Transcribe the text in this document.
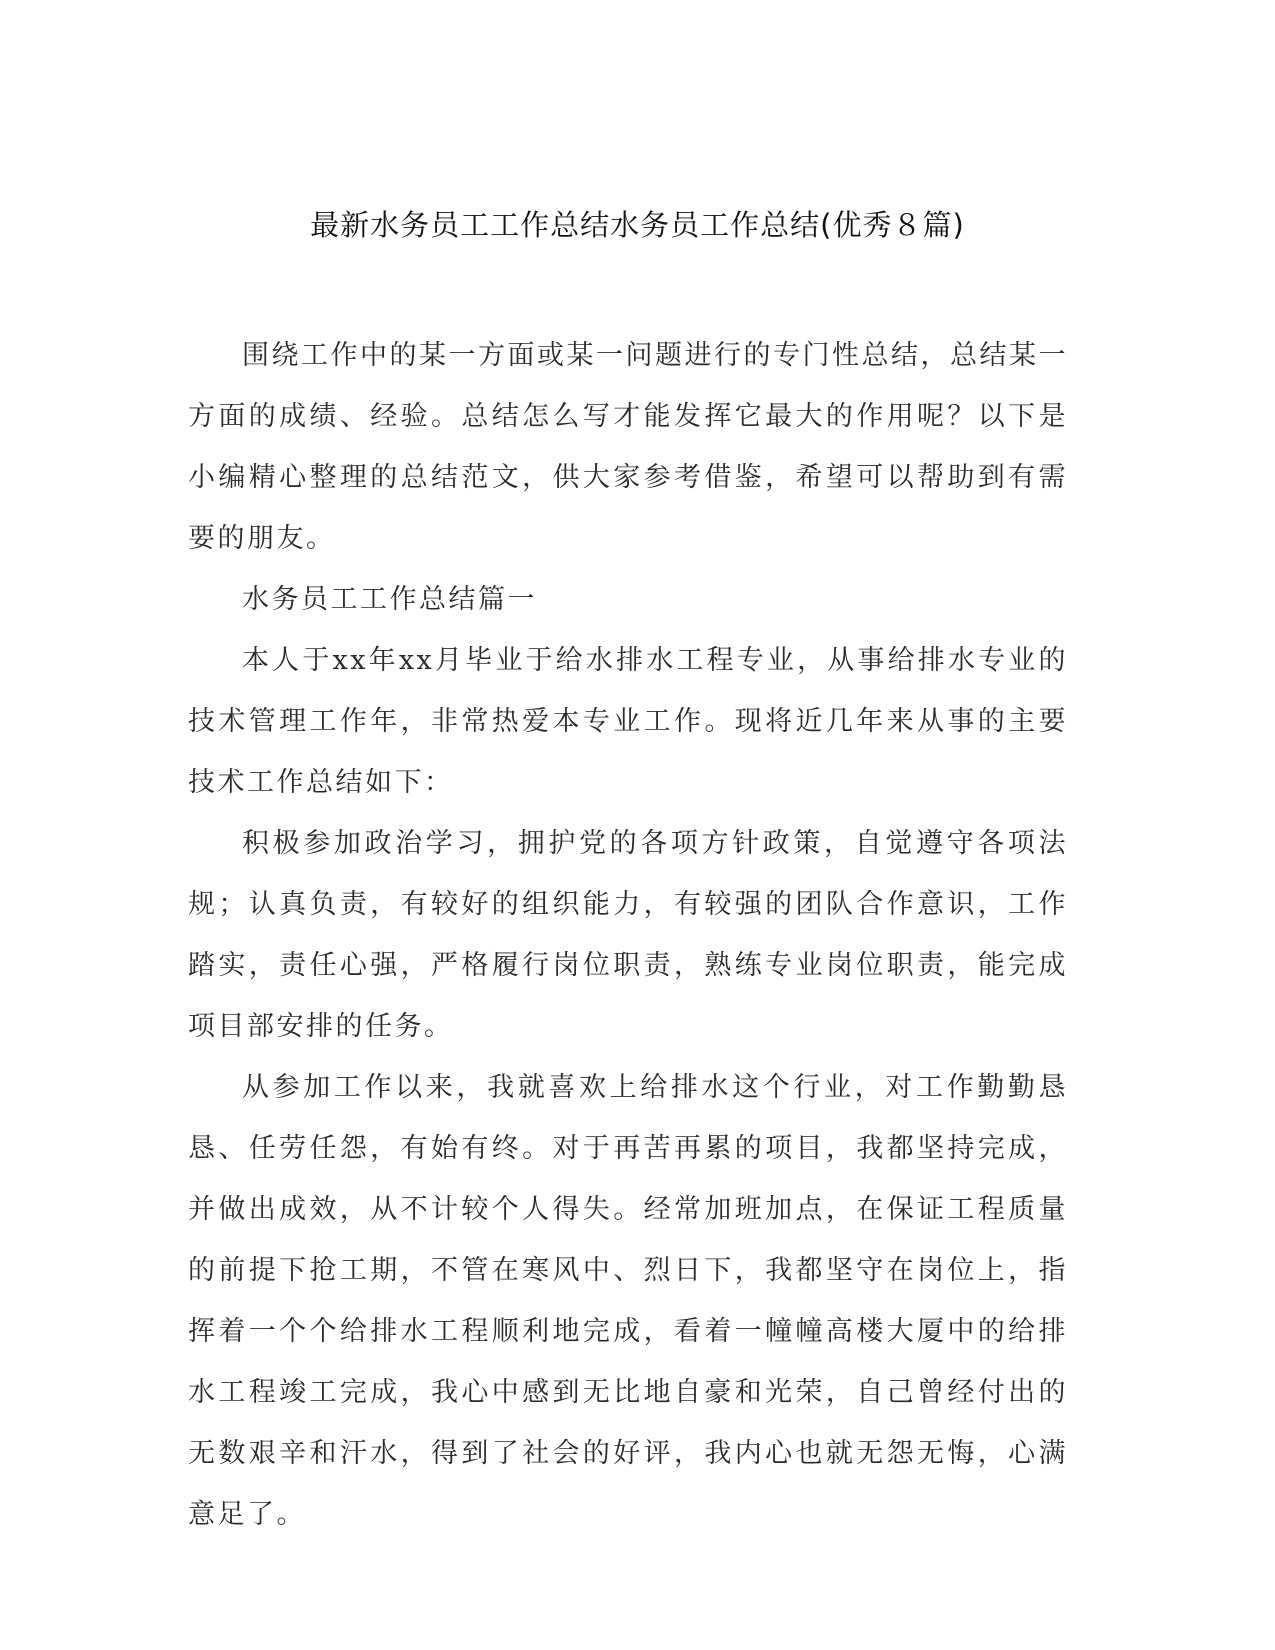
最新水务员工工作总结水务员工作总结(优秀８篇)

围绕工作中的某一方面或某一问题进行的专门性总结，总结某一方面的成绩、经验。总结怎么写才能发挥它最大的作用呢？以下是小编精心整理的总结范文，供大家参考借鉴，希望可以帮助到有需要的朋友。

水务员工工作总结篇一

本人于xx年xx月毕业于给水排水工程专业，从事给排水专业的技术管理工作年，非常热爱本专业工作。现将近几年来从事的主要技术工作总结如下：

积极参加政治学习，拥护党的各项方针政策，自觉遵守各项法规；认真负责，有较好的组织能力，有较强的团队合作意识，工作踏实，责任心强，严格履行岗位职责，熟练专业岗位职责，能完成项目部安排的任务。

从参加工作以来，我就喜欢上给排水这个行业，对工作勤勤恳恳、任劳任怨，有始有终。对于再苦再累的项目，我都坚持完成，并做出成效，从不计较个人得失。经常加班加点，在保证工程质量的前提下抢工期，不管在寒风中、烈日下，我都坚守在岗位上，指挥着一个个给排水工程顺利地完成，看着一幢幢高楼大厦中的给排水工程竣工完成，我心中感到无比地自豪和光荣，自己曾经付出的无数艰辛和汗水，得到了社会的好评，我内心也就无怨无悔，心满意足了。
